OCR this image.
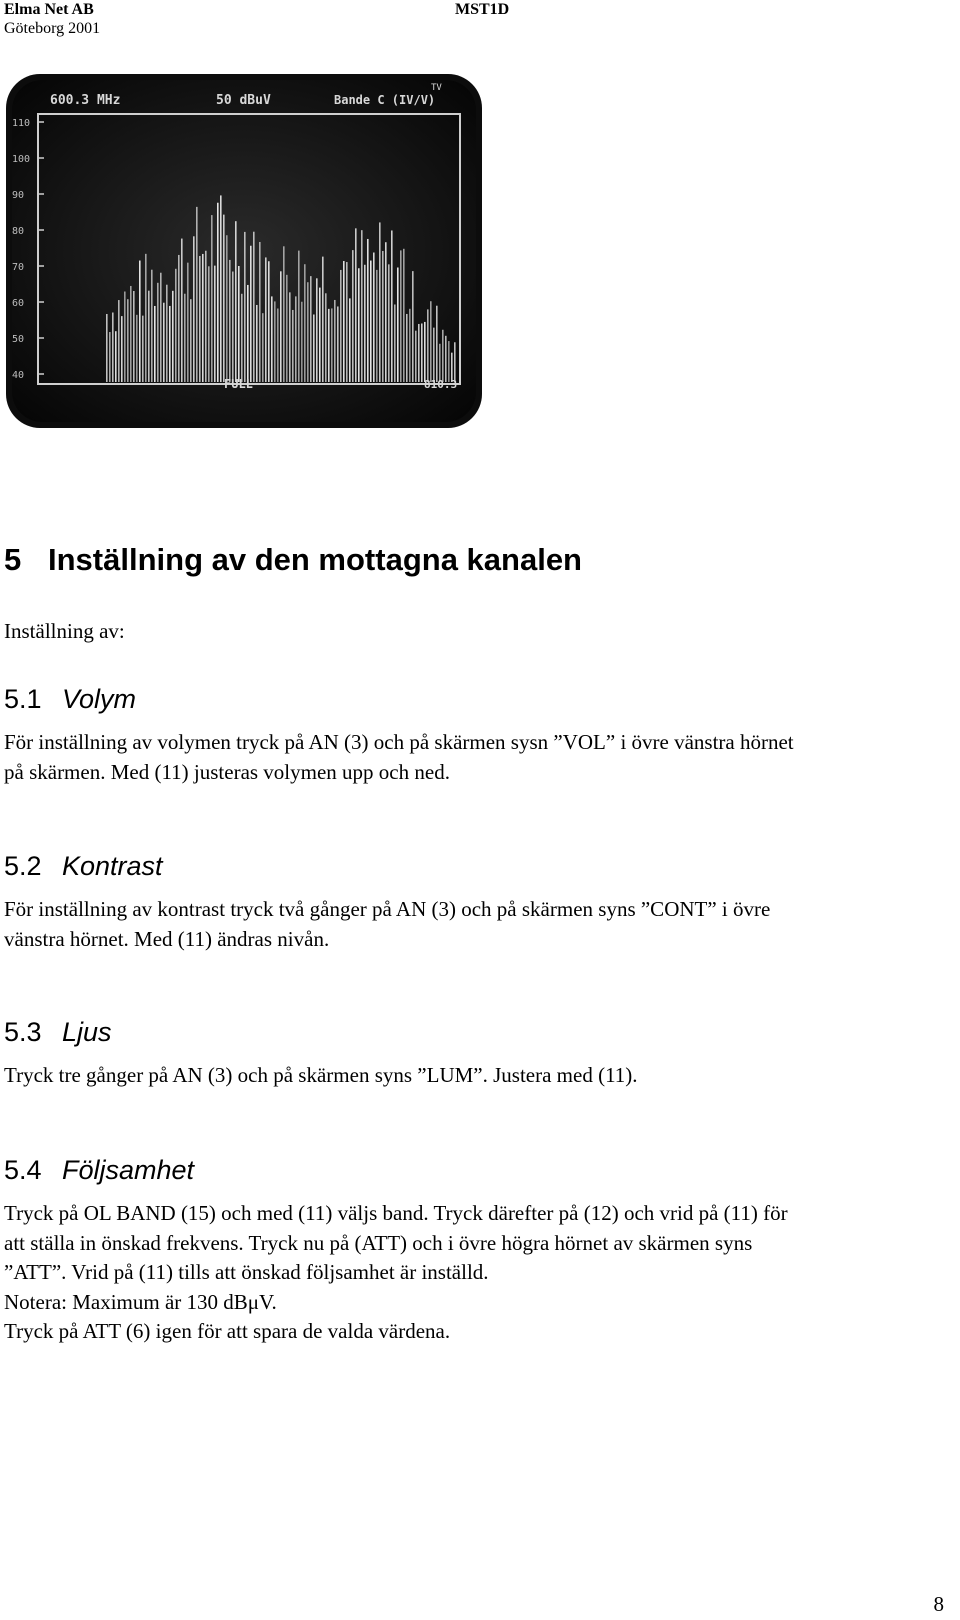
Elma Net AB
Göteborg 2001
MST1D
600.3 MHz	50 dBuV	Bande C (IV/V)
TV
110
100
90
80
70
60
50
40
FULL	810.3
5 Inställning av den mottagna kanalen
Inställning av:
5.1 Volym
För inställning av volymen tryck på AN (3) och på skärmen sysn ”VOL” i övre vänstra hörnet
på skärmen. Med (11) justeras volymen upp och ned.
5.2 Kontrast
För inställning av kontrast tryck två gånger på AN (3) och på skärmen syns ”CONT” i övre
vänstra hörnet. Med (11) ändras nivån.
5.3 Ljus
Tryck tre gånger på AN (3) och på skärmen syns ”LUM”. Justera med (11).
5.4 Följsamhet
Tryck på OL BAND (15) och med (11) väljs band. Tryck därefter på (12) och vrid på (11) för
att ställa in önskad frekvens. Tryck nu på (ATT) och i övre högra hörnet av skärmen syns
”ATT”. Vrid på (11) tills att önskad följsamhet är inställd.
Notera: Maximum är 130 dBμV.
Tryck på ATT (6) igen för att spara de valda värdena.
8
